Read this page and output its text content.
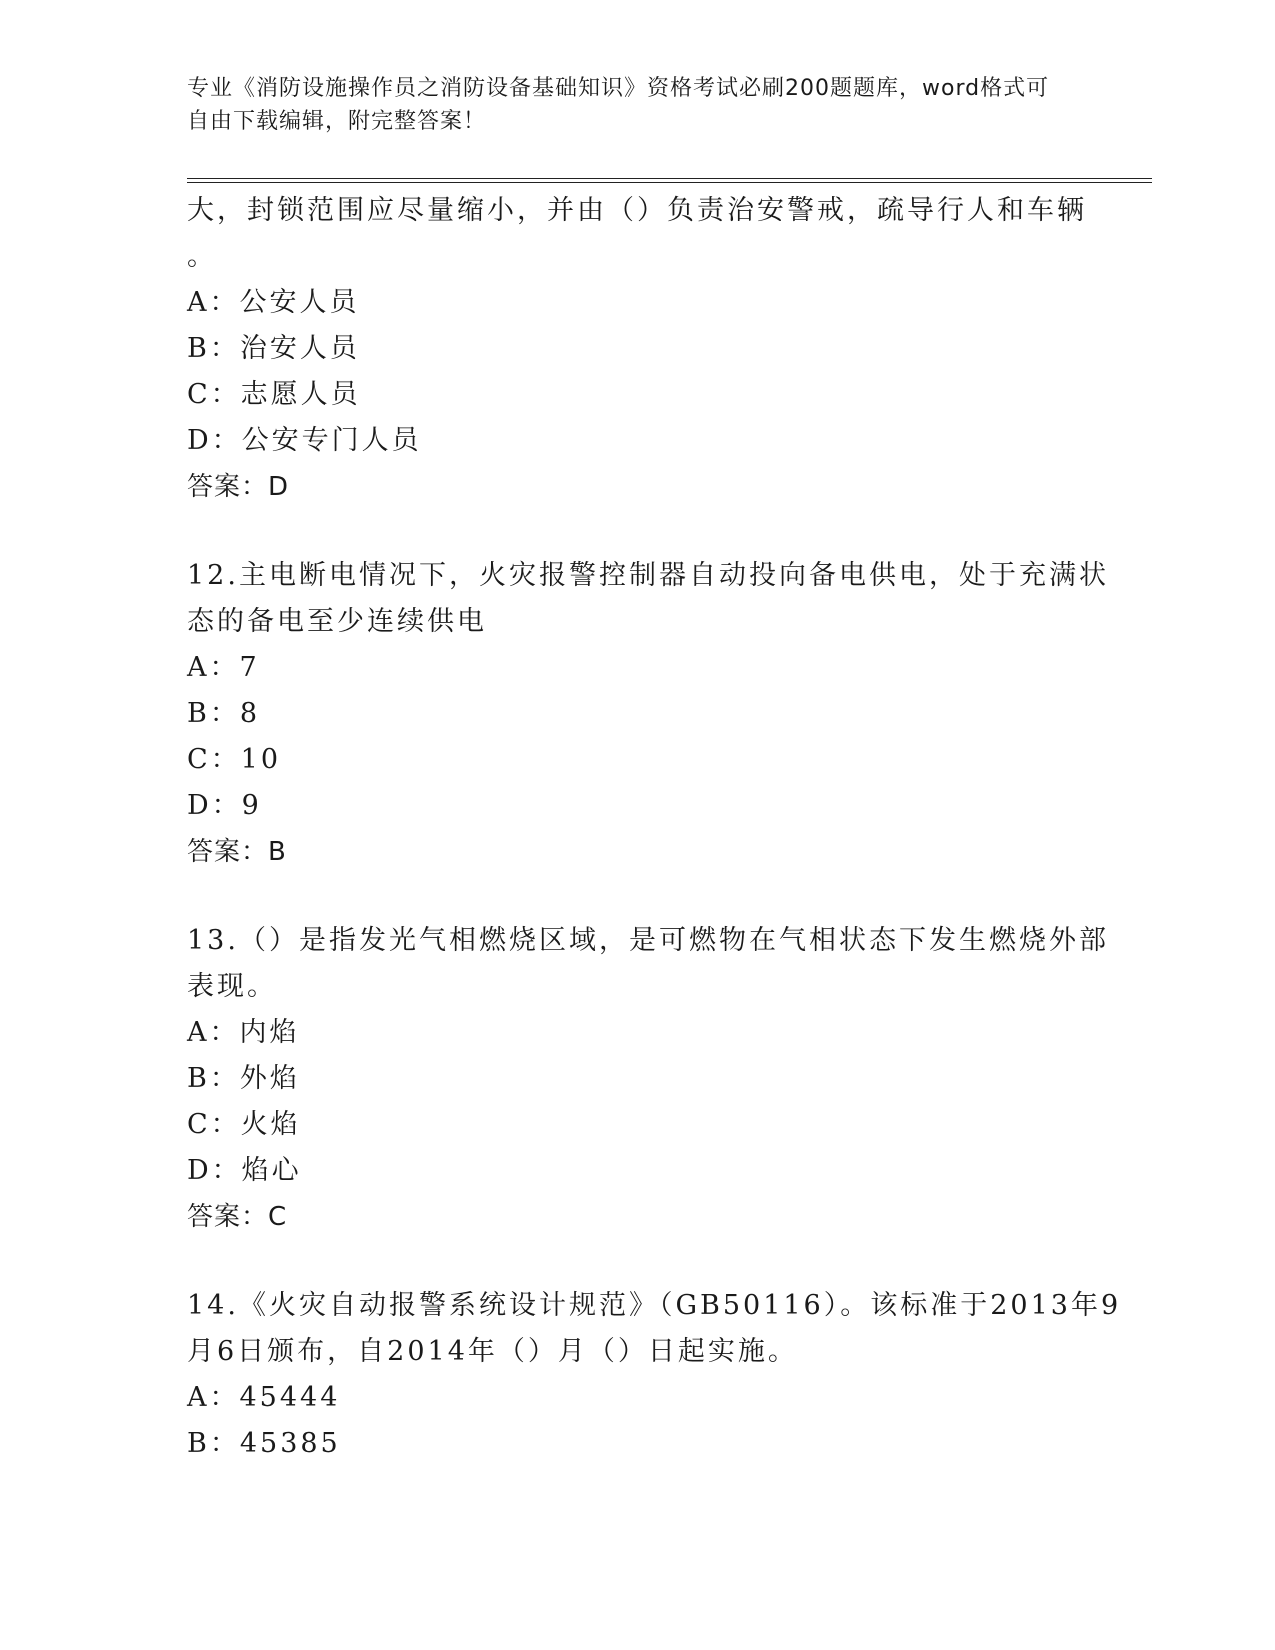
专业《消防设施操作员之消防设备基础知识》资格考试必刷200题题库，word格式可自由下载编辑，附完整答案！
大，封锁范围应尽量缩小，并由（）负责治安警戒，疏导行人和车辆
。
A：公安人员
B：治安人员
C：志愿人员
D：公安专门人员
答案：D
12.主电断电情况下，火灾报警控制器自动投向备电供电，处于充满状
态的备电至少连续供电
A：7
B：8
C：10
D：9
答案：B
13.（）是指发光气相燃烧区域，是可燃物在气相状态下发生燃烧外部
表现。
A：内焰
B：外焰
C：火焰
D：焰心
答案：C
14.《火灾自动报警系统设计规范》（GB50116）。该标准于2013年9
月6日颁布，自2014年（）月（）日起实施。
A：45444
B：45385
